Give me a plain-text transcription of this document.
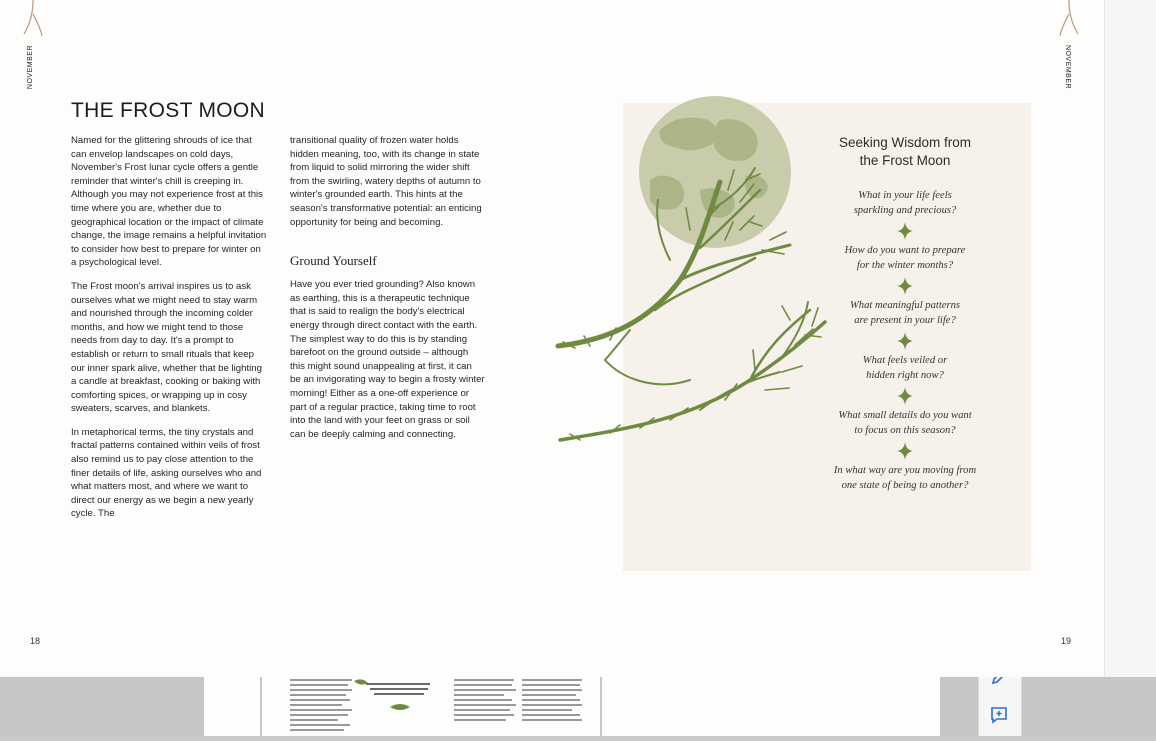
NOVEMBER	NOVEMBER
THE FROST MOON

Named for the glittering shrouds of ice that can envelop landscapes on cold days, November's Frost lunar cycle offers a gentle reminder that winter's chill is creeping in. Although you may not experience frost at this time where you are, whether due to geographical location or the impact of climate change, the image remains a helpful invitation to consider how best to prepare for winter on a psychological level.

The Frost moon's arrival inspires us to ask ourselves what we might need to stay warm and nourished through the incoming colder months, and how we might tend to those needs from day to day. It's a prompt to establish or return to small rituals that keep our inner spark alive, whether that be lighting a candle at breakfast, cooking or baking with comforting spices, or wrapping up in cosy sweaters, scarves, and blankets.

In metaphorical terms, the tiny crystals and fractal patterns contained within veils of frost also remind us to pay close attention to the finer details of life, asking ourselves who and what matters most, and where we want to direct our energy as we begin a new yearly cycle. The

transitional quality of frozen water holds hidden meaning, too, with its change in state from liquid to solid mirroring the wider shift from the swirling, watery depths of autumn to winter's grounded earth. This hints at the season's transformative potential: an enticing opportunity for being and becoming.

Ground Yourself

Have you ever tried grounding? Also known as earthing, this is a therapeutic technique that is said to realign the body's electrical energy through direct contact with the earth. The simplest way to do this is by standing barefoot on the ground outside – although this might sound unappealing at first, it can be an invigorating way to begin a frosty winter morning! Either as a one-off experience or part of a regular practice, taking time to root into the land with your feet on grass or soil can be deeply calming and connecting.

Seeking Wisdom from
the Frost Moon
What in your life feels
sparkling and precious?
How do you want to prepare
for the winter months?
What meaningful patterns
are present in your life?
What feels veiled or
hidden right now?
What small details do you want
to focus on this season?
In what way are you moving from
one state of being to another?
18	19
